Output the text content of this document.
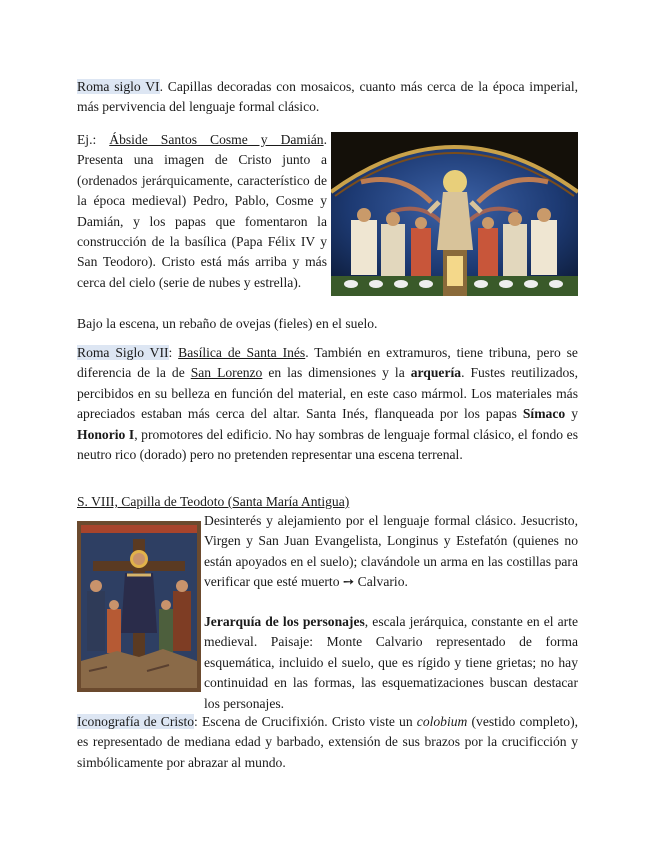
Roma siglo VI. Capillas decoradas con mosaicos, cuanto más cerca de la época imperial, más pervivencia del lenguaje formal clásico.

Ej.: Ábside Santos Cosme y Damián. Presenta una imagen de Cristo junto a (ordenados jerárquicamente, característico de la época medieval) Pedro, Pablo, Cosme y Damián, y los papas que fomentaron la construcción de la basílica (Papa Félix IV y San Teodoro). Cristo está más arriba y más cerca del cielo (serie de nubes y estrella).

Bajo la escena, un rebaño de ovejas (fieles) en el suelo.

Roma Siglo VII: Basílica de Santa Inés. También en extramuros, tiene tribuna, pero se diferencia de la de San Lorenzo en las dimensiones y la arquería. Fustes reutilizados, percibidos en su belleza en función del material, en este caso mármol. Los materiales más apreciados estaban más cerca del altar. Santa Inés, flanqueada por los papas Símaco y Honorio I, promotores del edificio. No hay sombras de lenguaje formal clásico, el fondo es neutro rico (dorado) pero no pretenden representar una escena terrenal.

S. VIII, Capilla de Teodoto (Santa María Antigua)

Desinterés y alejamiento por el lenguaje formal clásico. Jesucristo, Virgen y San Juan Evangelista, Longinus y Estefatón (quienes no están apoyados en el suelo); clavándole un arma en las costillas para verificar que esté muerto ➙ Calvario.

Jerarquía de los personajes, escala jerárquica, constante en el arte medieval. Paisaje: Monte Calvario representado de forma esquemática, incluido el suelo, que es rígido y tiene grietas; no hay continuidad en las formas, las esquematizaciones buscan destacar los personajes.

Iconografía de Cristo: Escena de Crucifixión. Cristo viste un colobium (vestido completo), es representado de mediana edad y barbado, extensión de sus brazos por la crucificción y simbólicamente por abrazar al mundo.
